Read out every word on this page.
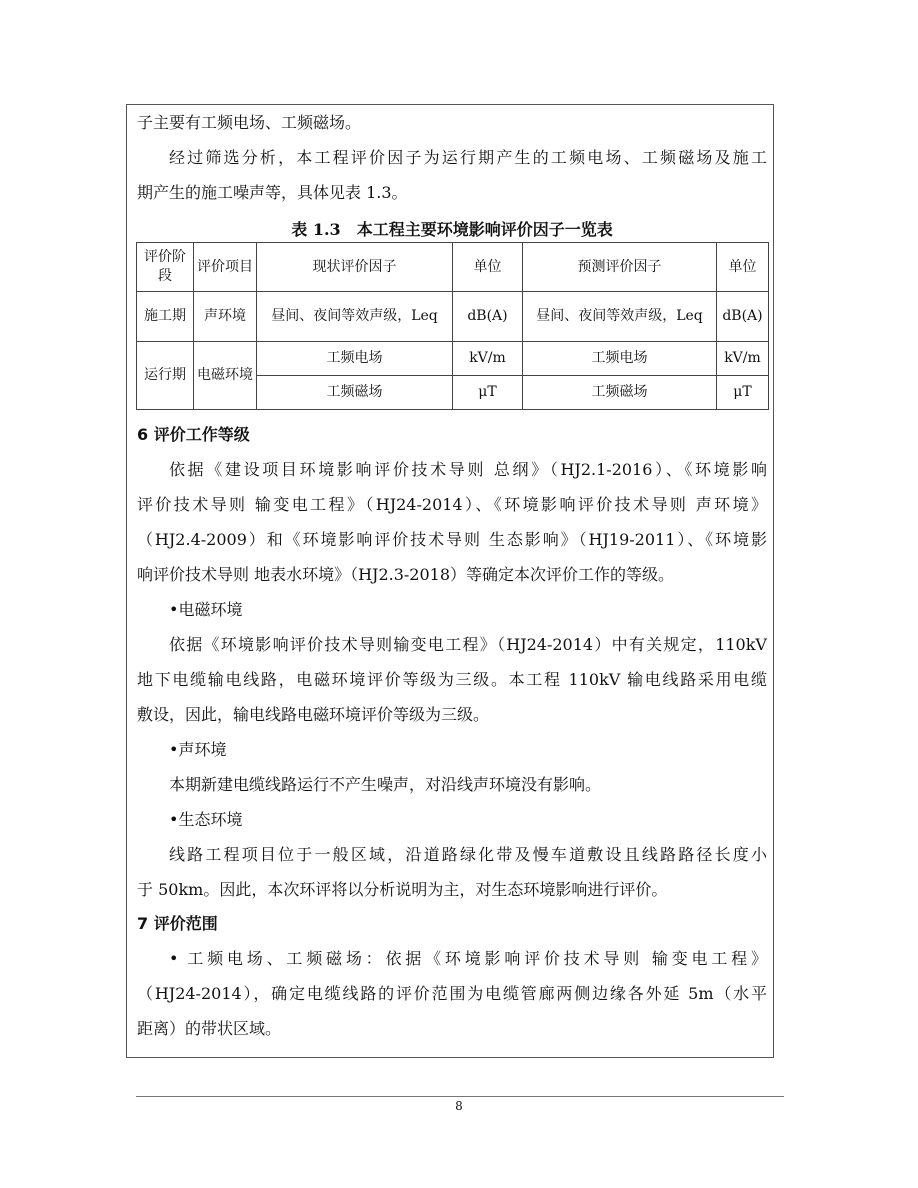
子主要有工频电场、工频磁场。

经过筛选分析，本工程评价因子为运行期产生的工频电场、工频磁场及施工

期产生的施工噪声等，具体见表 1.3。

表 1.3　本工程主要环境影响评价因子一览表
评价阶段	评价项目	现状评价因子	单位	预测评价因子	单位
施工期	声环境	昼间、夜间等效声级，Leq	dB(A)	昼间、夜间等效声级，Leq	dB(A)
运行期	电磁环境	工频电场	kV/m	工频电场	kV/m
		工频磁场	μT	工频磁场	μT
6 评价工作等级

依据《建设项目环境影响评价技术导则 总纲》（HJ2.1-2016）、《环境影响

评价技术导则 输变电工程》（HJ24-2014）、《环境影响评价技术导则 声环境》

（HJ2.4-2009）和《环境影响评价技术导则 生态影响》（HJ19-2011）、《环境影

响评价技术导则 地表水环境》（HJ2.3-2018）等确定本次评价工作的等级。

•电磁环境

依据《环境影响评价技术导则输变电工程》（HJ24-2014）中有关规定，110kV

地下电缆输电线路，电磁环境评价等级为三级。本工程 110kV 输电线路采用电缆

敷设，因此，输电线路电磁环境评价等级为三级。

•声环境

本期新建电缆线路运行不产生噪声，对沿线声环境没有影响。

•生态环境

线路工程项目位于一般区域，沿道路绿化带及慢车道敷设且线路路径长度小

于 50km。因此，本次环评将以分析说明为主，对生态环境影响进行评价。

7 评价范围

• 工频电场、工频磁场：依据《环境影响评价技术导则 输变电工程》

（HJ24-2014），确定电缆线路的评价范围为电缆管廊两侧边缘各外延 5m（水平

距离）的带状区域。

8
